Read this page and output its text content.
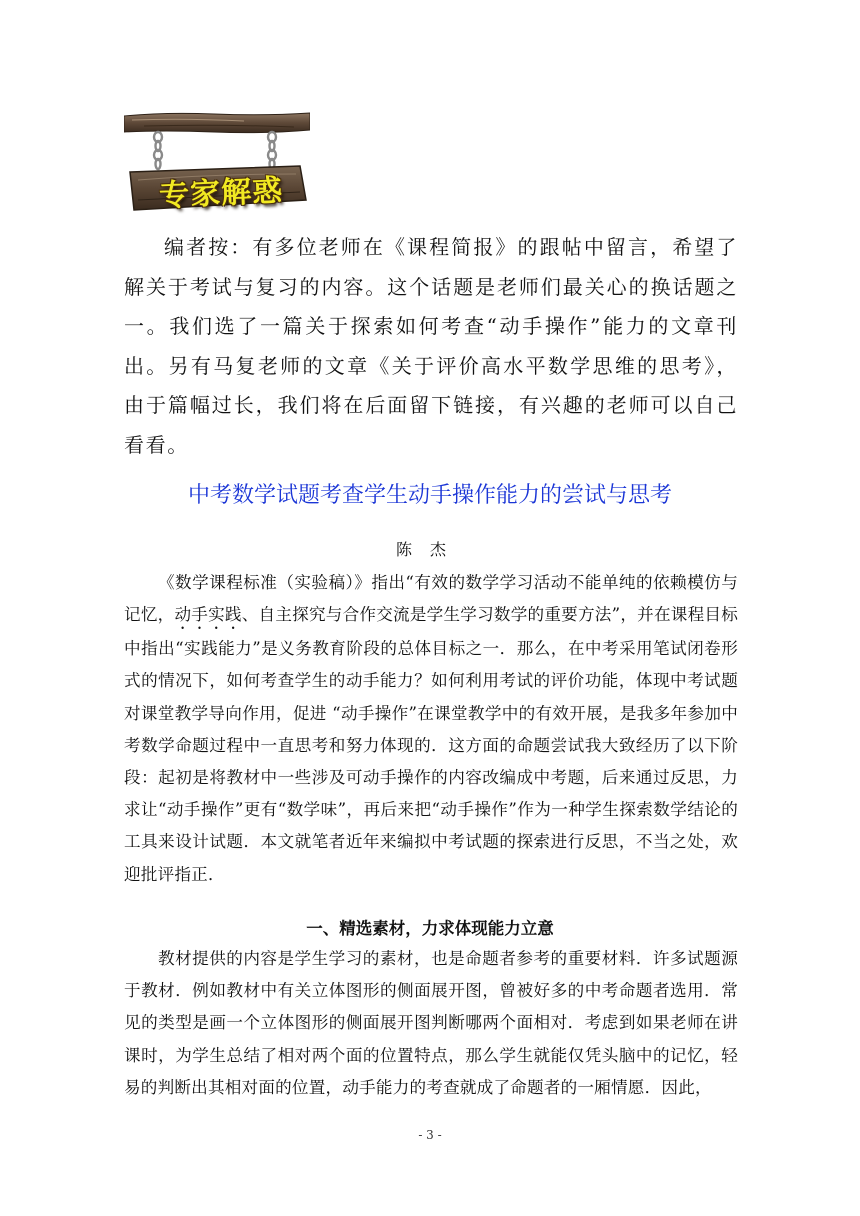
专家解惑

编者按：有多位老师在《课程简报》的跟帖中留言，希望了解关于考试与复习的内容。这个话题是老师们最关心的换话题之一。我们选了一篇关于探索如何考查“动手操作”能力的文章刊出。另有马复老师的文章《关于评价高水平数学思维的思考》，由于篇幅过长，我们将在后面留下链接，有兴趣的老师可以自己看看。

中考数学试题考查学生动手操作能力的尝试与思考

陈杰

《数学课程标准（实验稿）》指出“有效的数学学习活动不能单纯的依赖模仿与记忆，动手实践、自主探究与合作交流是学生学习数学的重要方法”，并在课程目标中指出“实践能力”是义务教育阶段的总体目标之一．那么，在中考采用笔试闭卷形式的情况下，如何考查学生的动手能力？如何利用考试的评价功能，体现中考试题对课堂教学导向作用，促进 “动手操作”在课堂教学中的有效开展，是我多年参加中考数学命题过程中一直思考和努力体现的．这方面的命题尝试我大致经历了以下阶段：起初是将教材中一些涉及可动手操作的内容改编成中考题，后来通过反思，力求让“动手操作”更有“数学味”，再后来把“动手操作”作为一种学生探索数学结论的工具来设计试题．本文就笔者近年来编拟中考试题的探索进行反思，不当之处，欢迎批评指正．

一、精选素材，力求体现能力立意

教材提供的内容是学生学习的素材，也是命题者参考的重要材料．许多试题源于教材．例如教材中有关立体图形的侧面展开图，曾被好多的中考命题者选用．常见的类型是画一个立体图形的侧面展开图判断哪两个面相对．考虑到如果老师在讲课时，为学生总结了相对两个面的位置特点，那么学生就能仅凭头脑中的记忆，轻易的判断出其相对面的位置，动手能力的考查就成了命题者的一厢情愿．因此，

- 3 -
